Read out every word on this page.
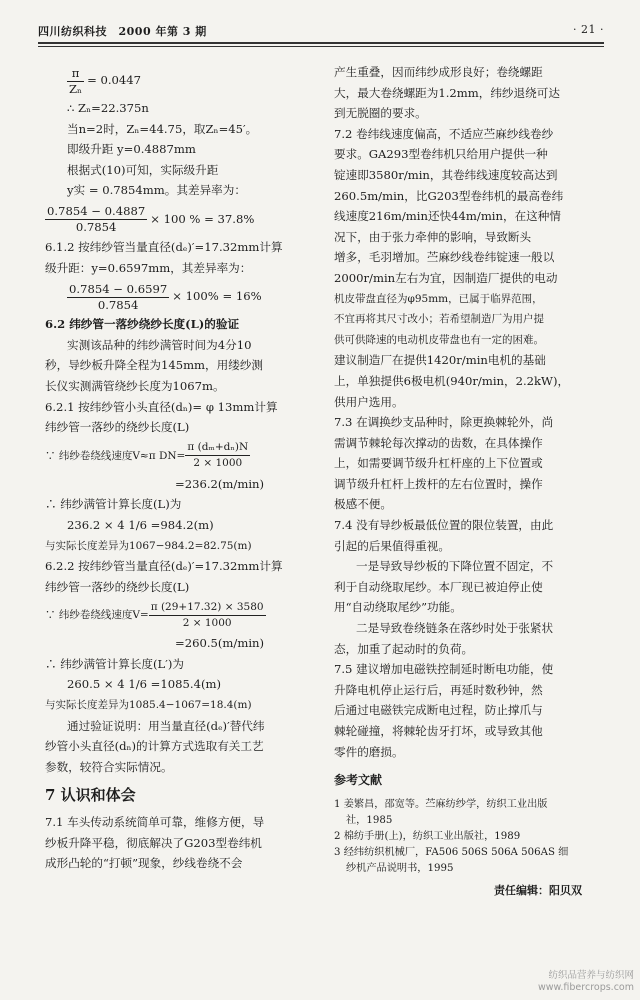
四川纺织科技　2000 年第 3 期	· 21 ·
$\frac{\pi}{\text{Zₙ}} = 0.0447$
∴ Zₙ=22.375n
当n=2时，Zₙ=44.75，取Zₙ=45′。
即级升距 y=0.4887mm
根据式(10)可知，实际级升距
y实 = 0.7854mm。其差异率为：
$\frac{0.7854 - 0.4887}{0.7854} \times 100$ % = 37.8%
6.1.2 按纬纱管当量直径(dₑ)′=17.32mm计算
级升距：y=0.6597mm，其差异率为：
$\frac{0.7854 - 0.6597}{0.7854} \times 100\% = 16\%$
6.2 纬纱管一落纱绕纱长度(L)的验证
实测该品种的纬纱满管时间为4分10
秒，导纱板升降全程为145mm，用缕纱测
长仪实测满管绕纱长度为1067m。
6.2.1 按纬纱管小头直径(dₙ)= φ 13mm计算
纬纱管一落纱的绕纱长度(L)
∵ 纬纱卷绕线速度V≈π $DN= \frac{\text{π (dₘ+dₙ)N}}{2 \times 1000}$
=236.2(m/min)
∴ 纬纱满管计算长度(L)为
236.2 × 4 1/6 =984.2(m)
与实际长度差异为1067−984.2=82.75(m)
6.2.2 按纬纱管当量直径(dₑ)′=17.32mm计算
纬纱管一落纱的绕纱长度(L)
∵ 纬纱卷绕线速度$V= \frac{\pi (29+17.32) \times 3580}{2 \times 1000}$
=260.5(m/min)
∴ 纬纱满管计算长度(L′)为
260.5 × 4 1/6 =1085.4(m)
与实际长度差异为1085.4−1067=18.4(m)
通过验证说明：用当量直径(dₑ)′替代纬
纱管小头直径(dₙ)的计算方式选取有关工艺
参数，较符合实际情况。
7 认识和体会
7.1 车头传动系统简单可靠，维修方便，导
纱板升降平稳，彻底解决了G203型卷纬机
成形凸轮的“打顿”现象，纱线卷绕不会
产生重叠，因而纬纱成形良好；卷绕螺距
大，最大卷绕螺距为1.2mm，纬纱退绕可达
到无脱圈的要求。
7.2 卷纬线速度偏高，不适应苎麻纱线卷纱
要求。GA293型卷纬机只给用户提供一种
锭速即3580r/min，其卷纬线速度较高达到
260.5m/min，比G203型卷纬机的最高卷纬
线速度216m/min还快44m/min，在这种情
况下，由于张力牵伸的影响，导致断头
增多，毛羽增加。苎麻纱线卷纬锭速一般以
2000r/min左右为宜，因制造厂提供的电动
机皮带盘直径为φ95mm，已属于临界范围，
不宜再将其尺寸改小；若希望制造厂为用户提
供可供降速的电动机皮带盘也有一定的困难。
建议制造厂在提供1420r/min电机的基础
上，单独提供6极电机(940r/min，2.2kW)，
供用户选用。
7.3 在调换纱支品种时，除更换棘轮外，尚
需调节棘轮每次撑动的齿数，在具体操作
上，如需要调节级升杠杆座的上下位置或
调节级升杠杆上拨杆的左右位置时，操作
极感不便。
7.4 没有导纱板最低位置的限位装置，由此
引起的后果值得重视。
一是导致导纱板的下降位置不固定，不
利于自动绕取尾纱。本厂现已被迫停止使
用“自动绕取尾纱”功能。
二是导致卷绕链条在落纱时处于张紧状
态，加重了起动时的负荷。
7.5 建议增加电磁铁控制延时断电功能，使
升降电机停止运行后，再延时数秒钟，然
后通过电磁铁完成断电过程，防止撑爪与
棘轮碰撞，将棘轮齿牙打坏，或导致其他
零件的磨损。
参考文献
1 姜繁昌，邵宽等。苎麻纺纱学，纺织工业出版
社，1985
2 棉纺手册(上)，纺织工业出版社，1989
3 经纬纺织机械厂，FA506 506S 506A 506AS 细
纱机产品说明书，1995
责任编辑：阳贝双
纺织品营养与纺织网
www.fibercrops.com
